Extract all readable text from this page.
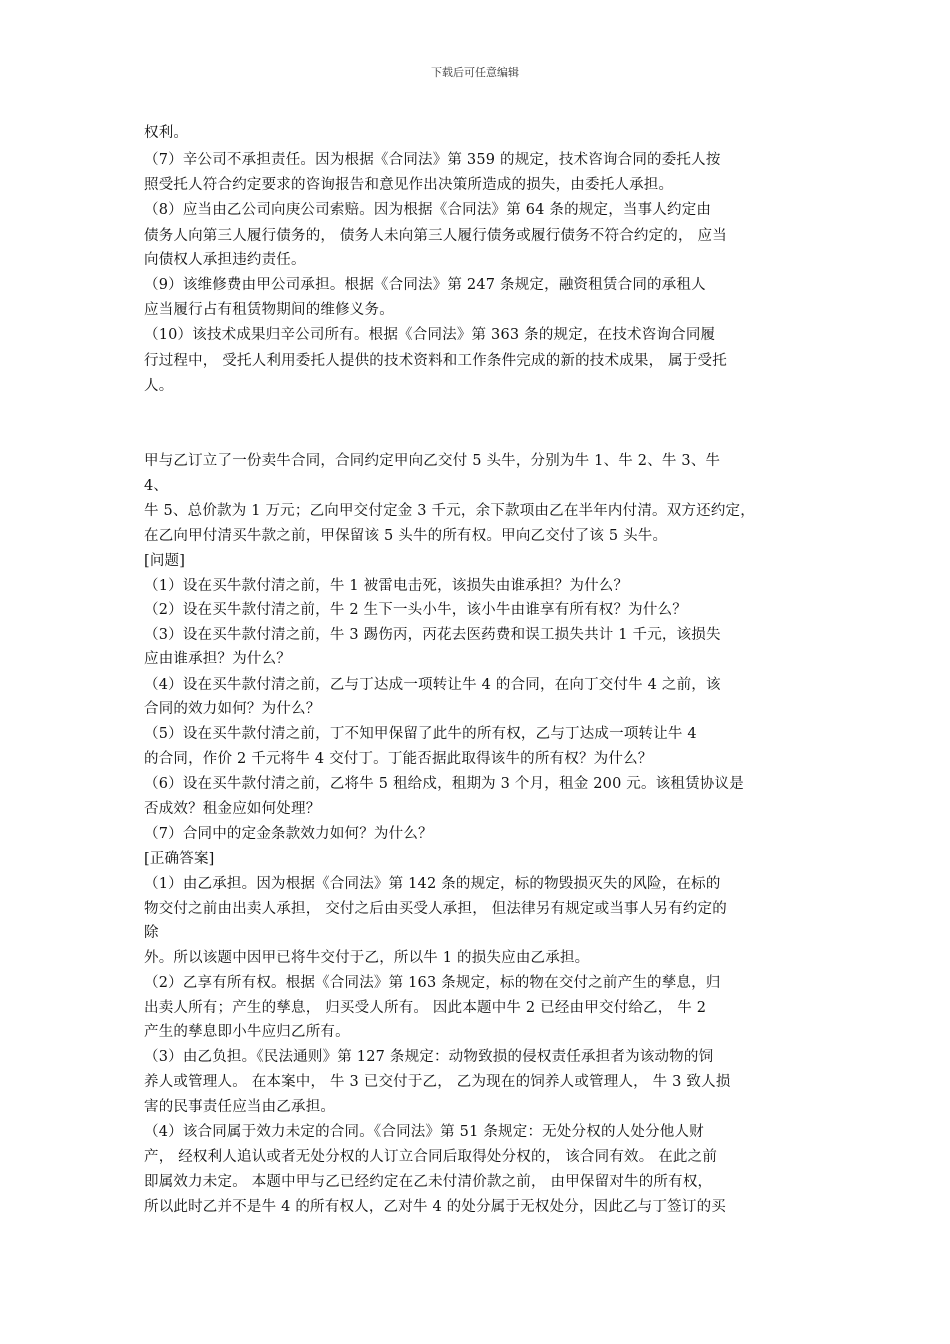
下载后可任意编辑
权利。
（7）辛公司不承担责任。因为根据《合同法》第 359 的规定，技术咨询合同的委托人按
照受托人符合约定要求的咨询报告和意见作出决策所造成的损失，由委托人承担。
（8）应当由乙公司向庚公司索赔。因为根据《合同法》第 64 条的规定，当事人约定由
债务人向第三人履行债务的， 债务人未向第三人履行债务或履行债务不符合约定的， 应当
向债权人承担违约责任。
（9）该维修费由甲公司承担。根据《合同法》第 247 条规定，融资租赁合同的承租人
应当履行占有租赁物期间的维修义务。
（10）该技术成果归辛公司所有。根据《合同法》第 363 条的规定，在技术咨询合同履
行过程中， 受托人利用委托人提供的技术资料和工作条件完成的新的技术成果， 属于受托
人。
甲与乙订立了一份卖牛合同，合同约定甲向乙交付 5 头牛，分别为牛 1、牛 2、牛 3、牛
4、
牛 5、总价款为 1 万元；乙向甲交付定金 3 千元，余下款项由乙在半年内付清。双方还约定，
在乙向甲付清买牛款之前，甲保留该 5 头牛的所有权。甲向乙交付了该 5 头牛。
[问题]
（1）设在买牛款付清之前，牛 1 被雷电击死，该损失由谁承担？为什么？
（2）设在买牛款付清之前，牛 2 生下一头小牛，该小牛由谁享有所有权？为什么？
（3）设在买牛款付清之前，牛 3 踢伤丙，丙花去医药费和误工损失共计 1 千元，该损失
应由谁承担？为什么？
（4）设在买牛款付清之前，乙与丁达成一项转让牛 4 的合同，在向丁交付牛 4 之前，该
合同的效力如何？为什么？
（5）设在买牛款付清之前，丁不知甲保留了此牛的所有权，乙与丁达成一项转让牛 4
的合同，作价 2 千元将牛 4 交付丁。丁能否据此取得该牛的所有权？为什么？
（6）设在买牛款付清之前，乙将牛 5 租给戍，租期为 3 个月，租金 200 元。该租赁协议是
否成效？租金应如何处理？
（7）合同中的定金条款效力如何？为什么？
[正确答案]
（1）由乙承担。因为根据《合同法》第 142 条的规定，标的物毁损灭失的风险，在标的
物交付之前由出卖人承担， 交付之后由买受人承担， 但法律另有规定或当事人另有约定的
除
外。所以该题中因甲已将牛交付于乙，所以牛 1 的损失应由乙承担。
（2）乙享有所有权。根据《合同法》第 163 条规定，标的物在交付之前产生的孳息，归
出卖人所有；产生的孳息， 归买受人所有。 因此本题中牛 2 已经由甲交付给乙， 牛 2
产生的孳息即小牛应归乙所有。
（3）由乙负担。《民法通则》第 127 条规定：动物致损的侵权责任承担者为该动物的饲
养人或管理人。 在本案中， 牛 3 已交付于乙， 乙为现在的饲养人或管理人， 牛 3 致人损
害的民事责任应当由乙承担。
（4）该合同属于效力未定的合同。《合同法》第 51 条规定：无处分权的人处分他人财
产， 经权利人追认或者无处分权的人订立合同后取得处分权的， 该合同有效。 在此之前
即属效力未定。 本题中甲与乙已经约定在乙未付清价款之前， 由甲保留对牛的所有权，
所以此时乙并不是牛 4 的所有权人，乙对牛 4 的处分属于无权处分，因此乙与丁签订的买
